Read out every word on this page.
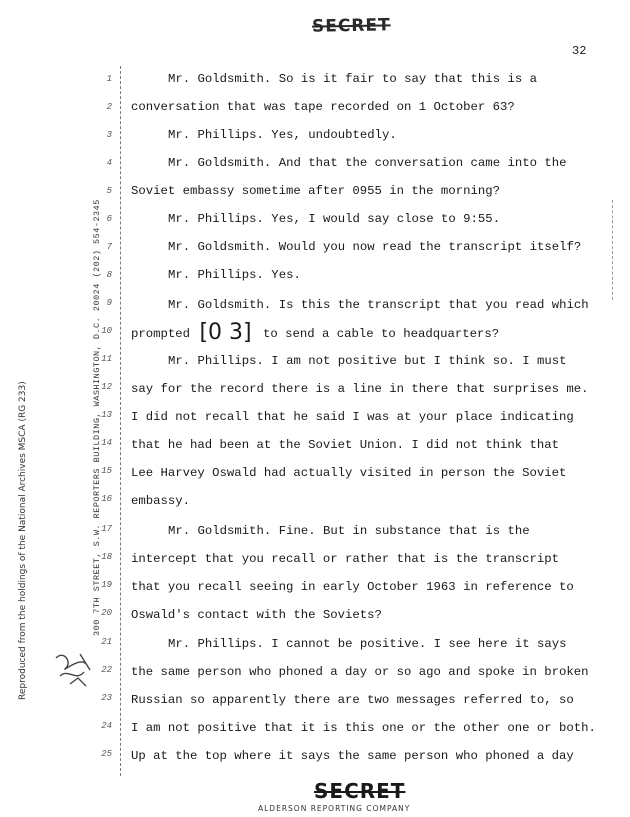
SECRET
32
Reproduced from the holdings of the National Archives MSCA (RG 233)	300 7TH STREET, S.W. REPORTERS BUILDING, WASHINGTON, D.C. 20024 (202) 554-2345
1
2
3
4
5
6
7
8
9
10
11
12
13
14
15
16
17
18
19
20
21
22
23
24
25
Mr. Goldsmith. So is it fair to say that this is a
conversation that was tape recorded on 1 October 63?
Mr. Phillips. Yes, undoubtedly.
Mr. Goldsmith. And that the conversation came into the
Soviet embassy sometime after 0955 in the morning?
Mr. Phillips. Yes, I would say close to 9:55.
Mr. Goldsmith. Would you now read the transcript itself?
Mr. Phillips. Yes.
Mr. Goldsmith. Is this the transcript that you read which
prompted [0 3] to send a cable to headquarters?
Mr. Phillips. I am not positive but I think so. I must
say for the record there is a line in there that surprises me.
I did not recall that he said I was at your place indicating
that he had been at the Soviet Union. I did not think that
Lee Harvey Oswald had actually visited in person the Soviet
embassy.
Mr. Goldsmith. Fine. But in substance that is the
intercept that you recall or rather that is the transcript
that you recall seeing in early October 1963 in reference to
Oswald's contact with the Soviets?
Mr. Phillips. I cannot be positive. I see here it says
the same person who phoned a day or so ago and spoke in broken
Russian so apparently there are two messages referred to, so
I am not positive that it is this one or the other one or both.
Up at the top where it says the same person who phoned a day
SECRET
ALDERSON REPORTING COMPANY
